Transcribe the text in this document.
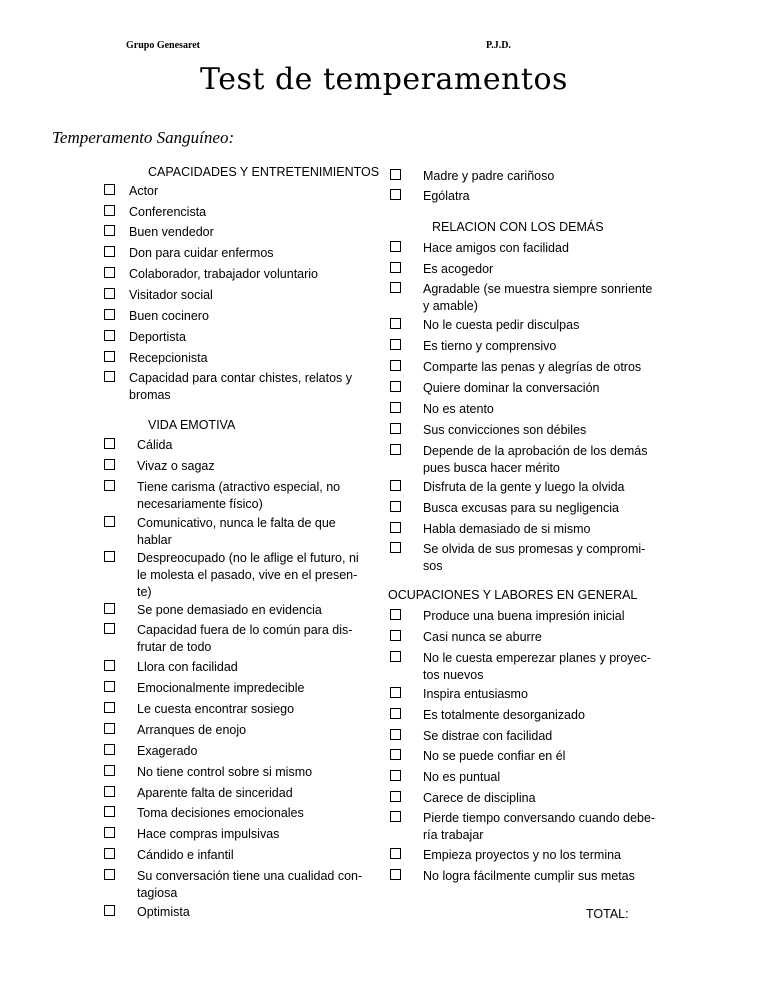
Grupo Genesaret	P.J.D.
Test de temperamentos
Temperamento Sanguíneo:
CAPACIDADES Y ENTRETENIMIENTOS
VIDA EMOTIVA
RELACION CON LOS DEMÁS
OCUPACIONES Y LABORES EN GENERAL
Actor
Conferencista
Buen vendedor
Don para cuidar enfermos
Colaborador, trabajador voluntario
Visitador social
Buen cocinero
Deportista
Recepcionista
Capacidad para contar chistes, relatos y
bromas
Cálida
Vivaz o sagaz
Tiene carisma (atractivo especial, no
necesariamente físico)
Comunicativo, nunca le falta de que
hablar
Despreocupado (no le aflige el futuro, ni
le molesta el pasado, vive en el presen-
te)
Se pone demasiado en evidencia
Capacidad fuera de lo común para dis-
frutar de todo
Llora con facilidad
Emocionalmente impredecible
Le cuesta encontrar sosiego
Arranques de enojo
Exagerado
No tiene control sobre si mismo
Aparente falta de sinceridad
Toma decisiones emocionales
Hace compras impulsivas
Cándido e infantil
Su conversación tiene una cualidad con-
tagiosa
Optimista
Madre y padre cariñoso
Ególatra
Hace amigos con facilidad
Es acogedor
Agradable (se muestra siempre sonriente
y amable)
No le cuesta pedir disculpas
Es tierno y comprensivo
Comparte las penas y alegrías de otros
Quiere dominar la conversación
No es atento
Sus convicciones son débiles
Depende de la aprobación de los demás
pues busca hacer mérito
Disfruta de la gente y luego la olvida
Busca excusas para su negligencia
Habla demasiado de si mismo
Se olvida de sus promesas y compromi-
sos
Produce una buena impresión inicial
Casi nunca se aburre
No le cuesta emperezar planes y proyec-
tos nuevos
Inspira entusiasmo
Es totalmente desorganizado
Se distrae con facilidad
No se puede confiar en él
No es puntual
Carece de disciplina
Pierde tiempo conversando cuando debe-
ría trabajar
Empieza proyectos y no los termina
No logra fácilmente cumplir sus metas
TOTAL:
